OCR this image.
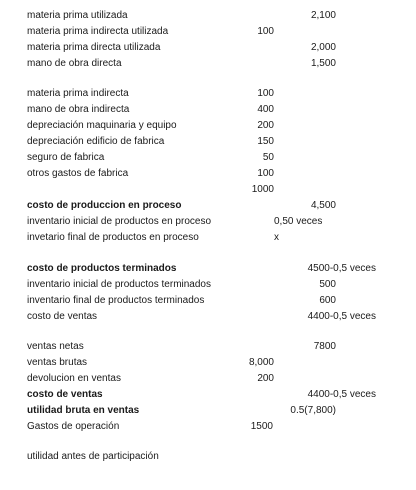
materia prima utilizada	2,100
materia prima indirecta utilizada	100
materia prima directa utilizada	2,000
mano de obra directa	1,500
materia prima indirecta	100
mano de obra indirecta	400
depreciación maquinaria y equipo	200
depreciación edificio de fabrica	150
seguro de fabrica	50
otros gastos de fabrica	100
1000
costo de produccion en proceso	4,500
inventario inicial de productos en proceso	0,50 veces
invetario final de productos en proceso	x
costo de productos terminados	4500-0,5 veces
inventario inicial de productos terminados	500
inventario final de productos terminados	600
costo de ventas	4400-0,5 veces
ventas netas	7800
ventas brutas	8,000
devolucion en ventas	200
costo de ventas	4400-0,5 veces
utilidad bruta en ventas	0.5(7,800)
Gastos de operación	1500
utilidad antes de participación
